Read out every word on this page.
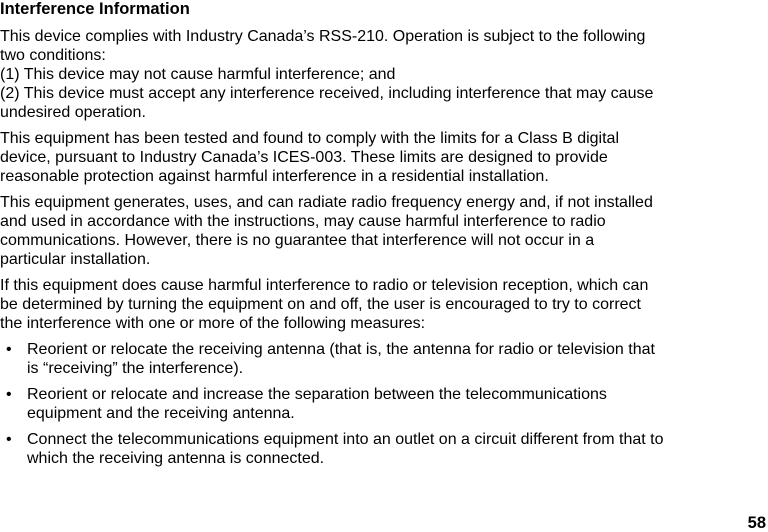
Interference Information
This device complies with Industry Canada’s RSS-210. Operation is subject to the following
two conditions:
(1) This device may not cause harmful interference; and
(2) This device must accept any interference received, including interference that may cause
undesired operation.
This equipment has been tested and found to comply with the limits for a Class B digital
device, pursuant to Industry Canada’s ICES-003. These limits are designed to provide
reasonable protection against harmful interference in a residential installation.
This equipment generates, uses, and can radiate radio frequency energy and, if not installed
and used in accordance with the instructions, may cause harmful interference to radio
communications. However, there is no guarantee that interference will not occur in a
particular installation.
If this equipment does cause harmful interference to radio or television reception, which can
be determined by turning the equipment on and off, the user is encouraged to try to correct
the interference with one or more of the following measures:
• Reorient or relocate the receiving antenna (that is, the antenna for radio or television that
is “receiving” the interference).
• Reorient or relocate and increase the separation between the telecommunications
equipment and the receiving antenna.
• Connect the telecommunications equipment into an outlet on a circuit different from that to
which the receiving antenna is connected.
58
